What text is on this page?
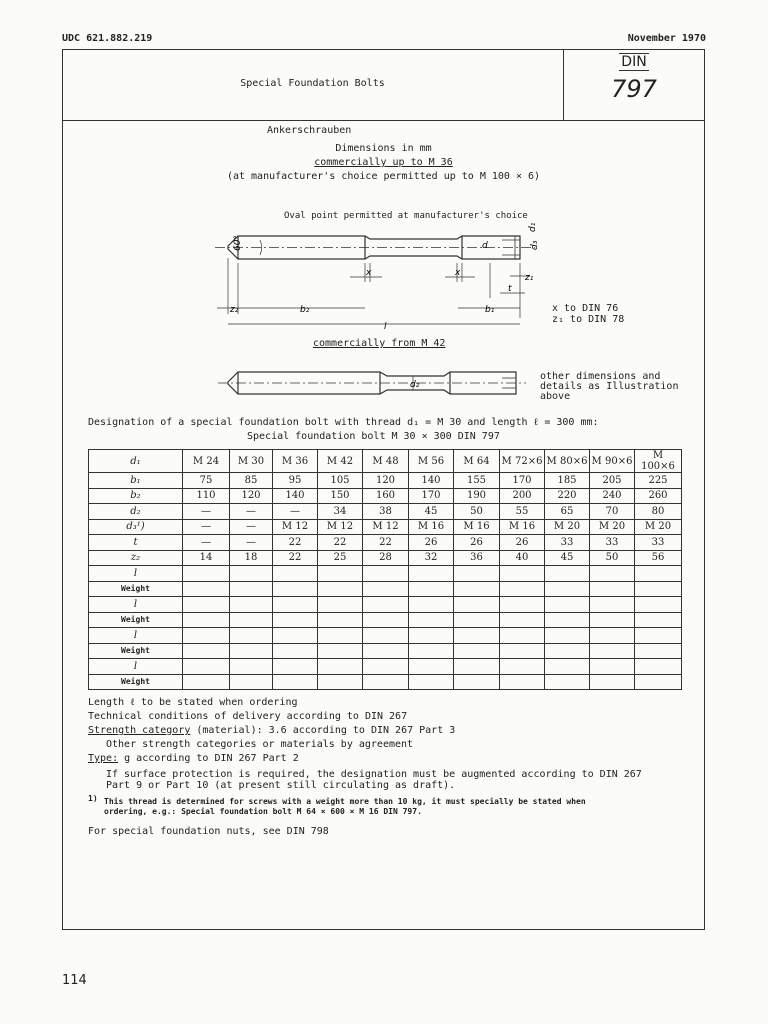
UDC 621.882.219	November 1970
Special Foundation Bolts
DIN
797
Ankerschrauben
Dimensions in mm
commercially up to M 36
(at manufacturer's choice permitted up to M 100 × 6)
Oval point permitted at manufacturer's choice
60°	d	d₃
d₁
x	x	z₁
t
z₂	b₂	b₁
l
x to DIN 76
z₁ to DIN 78
commercially from M 42
d₂
other dimensions and
details as Illustration
above
Designation of a special foundation bolt with thread d₁ = M 30 and length ℓ = 300 mm:
Special foundation bolt M 30 × 300 DIN 797
d₁	M 24	M 30	M 36	M 42	M 48	M 56	M 64	M 72×6	M 80×6	M 90×6	M 100×6
b₁	75	85	95	105	120	140	155	170	185	205	225
b₂	110	120	140	150	160	170	190	200	220	240	260
d₂	—	—	—	34	38	45	50	55	65	70	80
d₃¹)	—	—	M 12	M 12	M 12	M 16	M 16	M 16	M 20	M 20	M 20
t	—	—	22	22	22	26	26	26	33	33	33
z₂	14	18	22	25	28	32	36	40	45	50	56
l											
Weight											
l											
Weight											
l											
Weight											
l											
Weight											
Length ℓ to be stated when ordering
Technical conditions of delivery according to DIN 267
Strength category (material): 3.6 according to DIN 267 Part 3
Other strength categories or materials by agreement
Type: g according to DIN 267 Part 2
If surface protection is required, the designation must be augmented according to DIN 267
Part 9 or Part 10 (at present still circulating as draft).
1) This thread is determined for screws with a weight more than 10 kg, it must specially be stated when
ordering, e.g.: Special foundation bolt M 64 × 600 × M 16 DIN 797.
For special foundation nuts, see DIN 798
114
